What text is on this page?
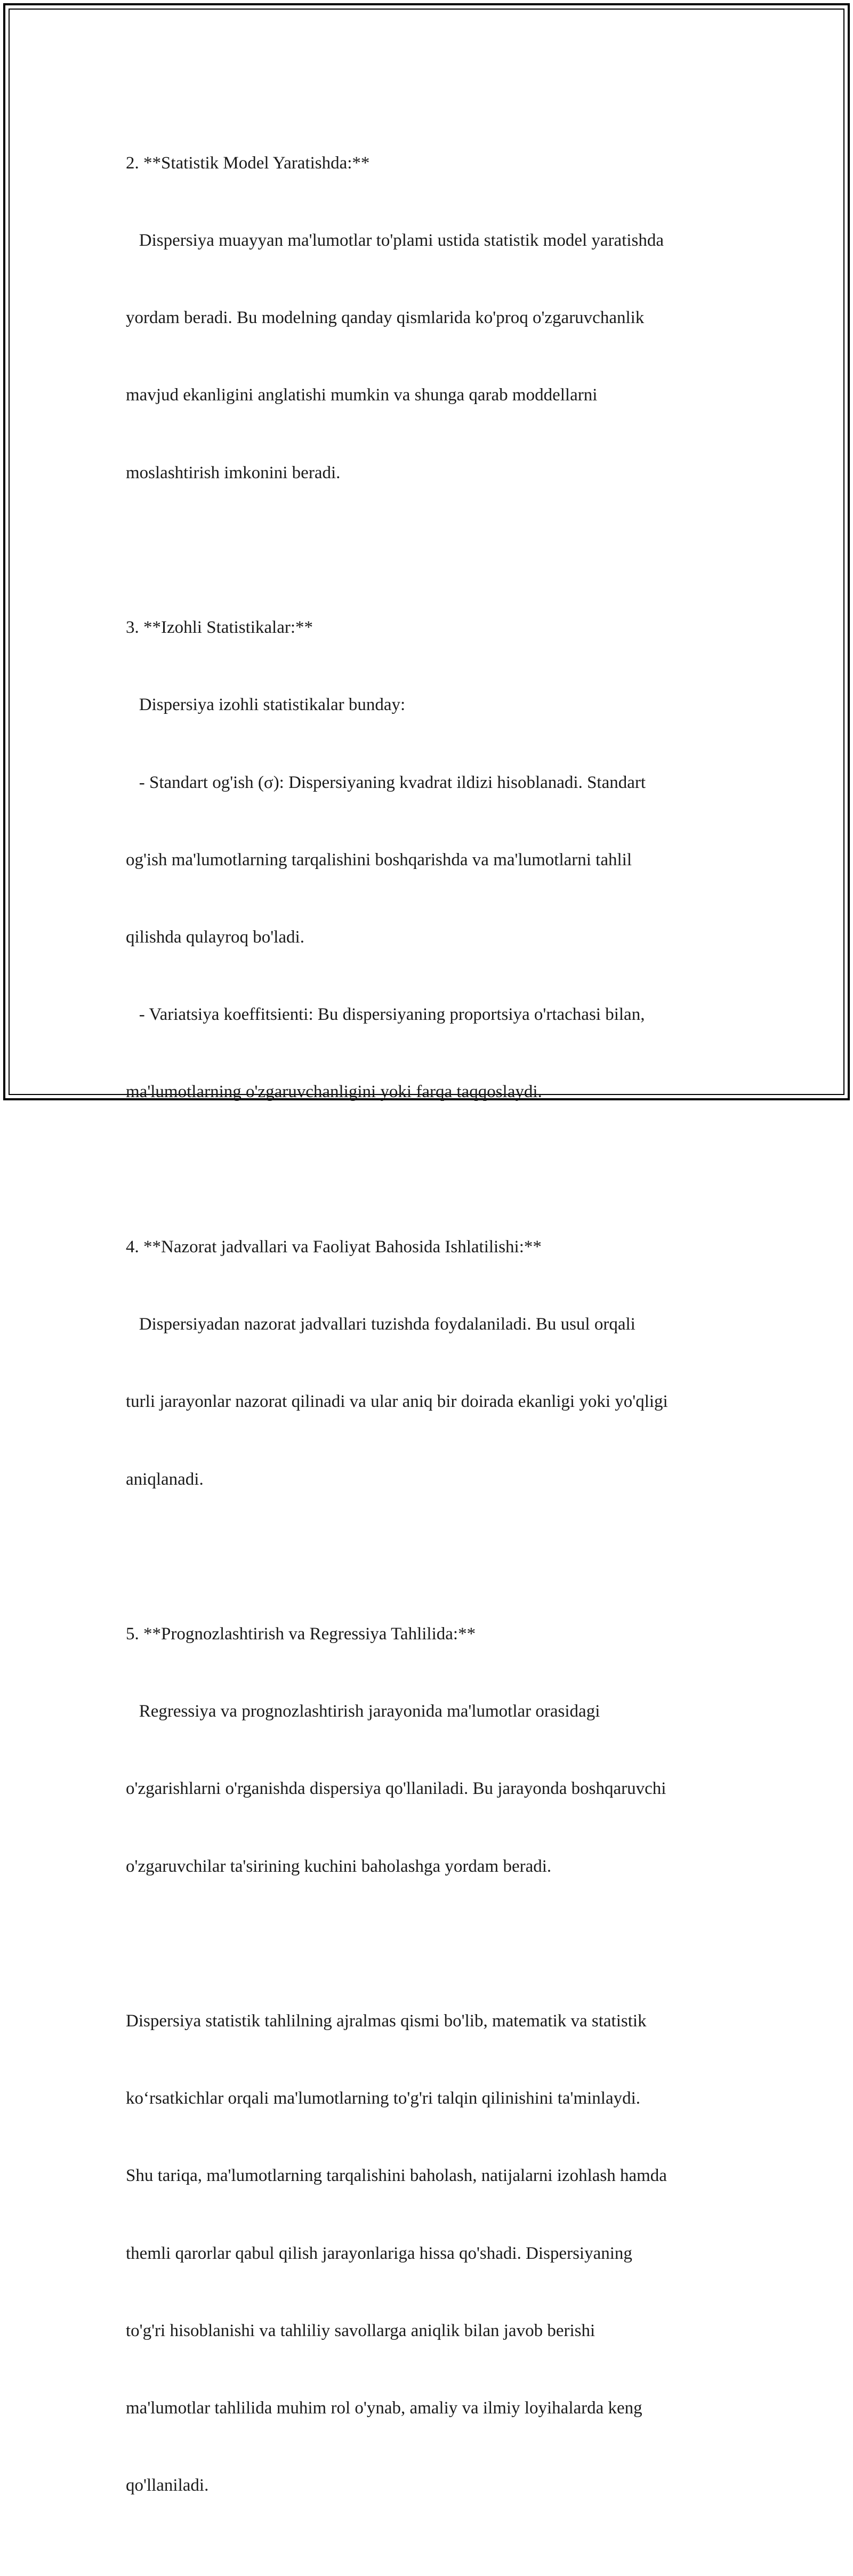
2. **Statistik Model Yaratishda:**

Dispersiya muayyan ma'lumotlar to'plami ustida statistik model yaratishda

yordam beradi. Bu modelning qanday qismlarida ko'proq o'zgaruvchanlik

mavjud ekanligini anglatishi mumkin va shunga qarab moddellarni

moslashtirish imkonini beradi.

3. **Izohli Statistikalar:**

Dispersiya izohli statistikalar bunday:

- Standart og'ish (σ): Dispersiyaning kvadrat ildizi hisoblanadi. Standart

og'ish ma'lumotlarning tarqalishini boshqarishda va ma'lumotlarni tahlil

qilishda qulayroq bo'ladi.

- Variatsiya koeffitsienti: Bu dispersiyaning proportsiya o'rtachasi bilan,

ma'lumotlarning o'zgaruvchanligini yoki farqa taqqoslaydi.

4. **Nazorat jadvallari va Faoliyat Bahosida Ishlatilishi:**

Dispersiyadan nazorat jadvallari tuzishda foydalaniladi. Bu usul orqali

turli jarayonlar nazorat qilinadi va ular aniq bir doirada ekanligi yoki yo'qligi

aniqlanadi.

5. **Prognozlashtirish va Regressiya Tahlilida:**

Regressiya va prognozlashtirish jarayonida ma'lumotlar orasidagi

o'zgarishlarni o'rganishda dispersiya qo'llaniladi. Bu jarayonda boshqaruvchi

o'zgaruvchilar ta'sirining kuchini baholashga yordam beradi.

Dispersiya statistik tahlilning ajralmas qismi bo'lib, matematik va statistik

koʻrsatkichlar orqali ma'lumotlarning to'g'ri talqin qilinishini ta'minlaydi.

Shu tariqa, ma'lumotlarning tarqalishini baholash, natijalarni izohlash hamda

themli qarorlar qabul qilish jarayonlariga hissa qo'shadi. Dispersiyaning

to'g'ri hisoblanishi va tahliliy savollarga aniqlik bilan javob berishi

ma'lumotlar tahlilida muhim rol o'ynab, amaliy va ilmiy loyihalarda keng

qo'llaniladi.
